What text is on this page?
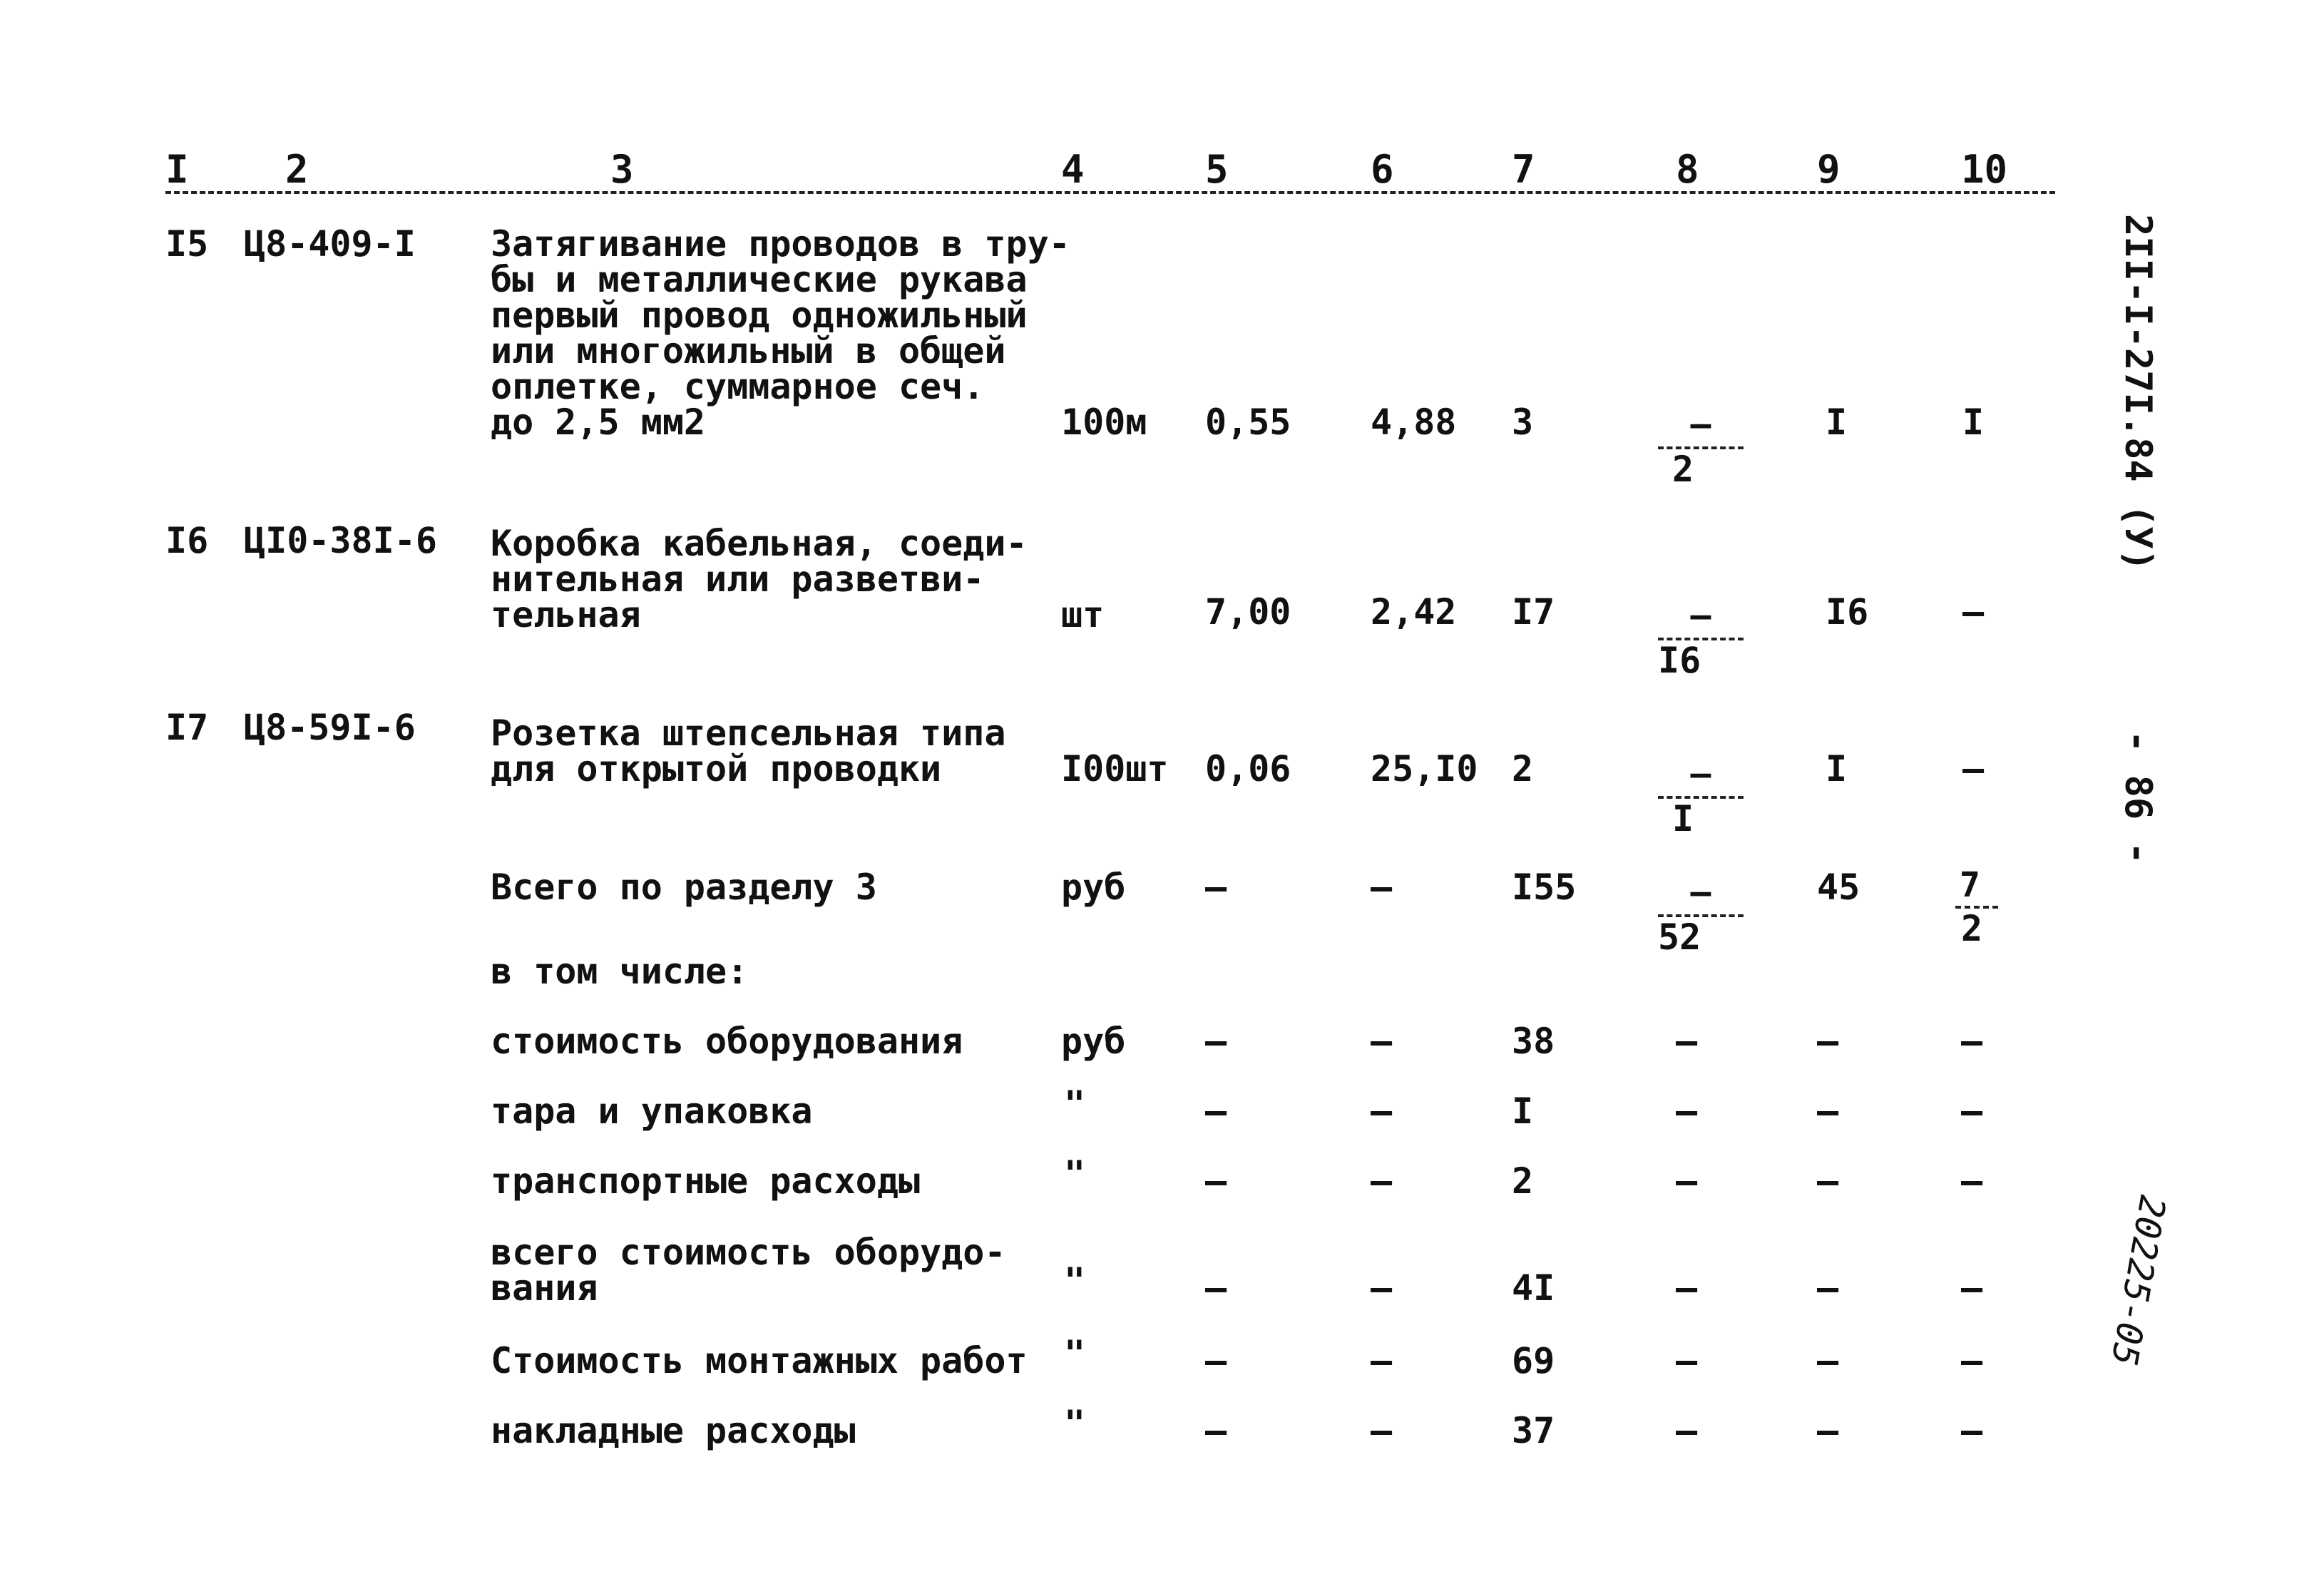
I	2	3	4	5	6	7	8	9	10
I5 Ц8-409-I Затягивание проводов в тру-
бы и металлические рукава
первый провод одножильный
или многожильный в общей
оплетке, суммарное сеч.
до 2,5 мм2	100м 0,55 4,88 3	–
2
I	I
I6 ЦI0-38I-6 Коробка кабельная, соеди-
нительная или разветви-
тельная	шт	7,00 2,42 I7	–
I6
I6	–
I7 Ц8-59I-6 Розетка штепсельная типа
для открытой проводки	I00шт 0,06 25,I0 2	–
I
I	–
Всего по разделу 3	руб –	–	I55	–
52
45	7
2
в том числе:
стоимость оборудования	руб –	–	38	–	–	–
тара и упаковка	"	–	–	I	–	–	–
транспортные расходы	"	–	–	2	–	–	–
всего стоимость оборудо-
вания	"	–	–	4I	–	–	–
Стоимость монтажных работ "	–	–	69	–	–	–
накладные расходы	"	–	–	37	–	–	–
2II-I-27I.84 (У)
- 86 -
20225-05
